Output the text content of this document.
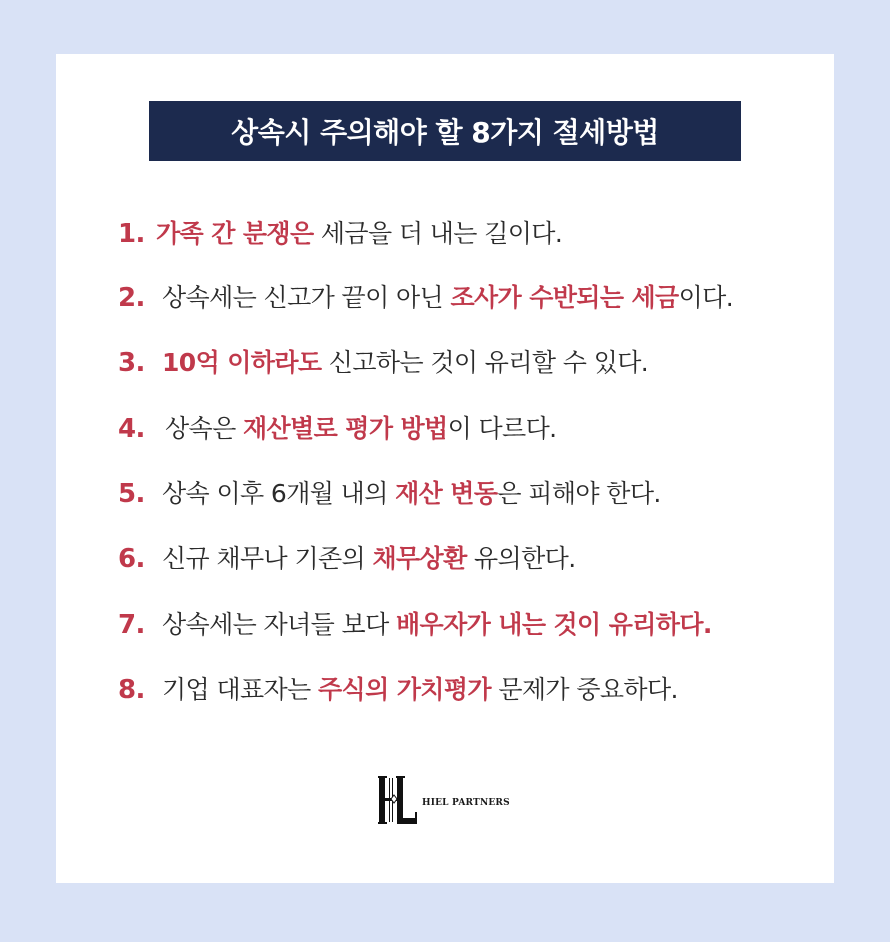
상속시 주의해야 할 8가지 절세방법
1. 가족 간 분쟁은 세금을 더 내는 길이다.
2. 상속세는 신고가 끝이 아닌 조사가 수반되는 세금이다.
3. 10억 이하라도 신고하는 것이 유리할 수 있다.
4. 상속은 재산별로 평가 방법이 다르다.
5. 상속 이후 6개월 내의 재산 변동은 피해야 한다.
6. 신규 채무나 기존의 채무상환 유의한다.
7. 상속세는 자녀들 보다 배우자가 내는 것이 유리하다.
8. 기업 대표자는 주식의 가치평가 문제가 중요하다.
HIEL PARTNERS
